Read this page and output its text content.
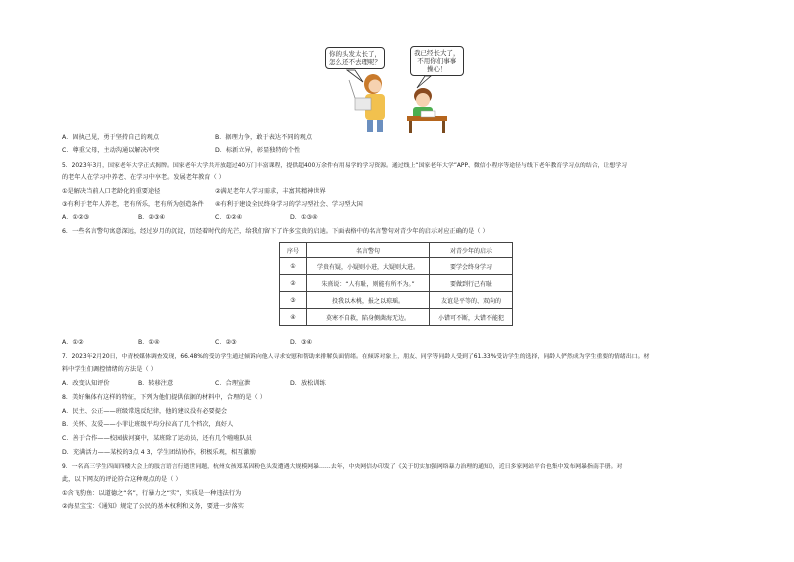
你的头发太长了，
怎么还不去理呢？
我已经长大了，
不用你们事事
操心！
A．固执己见，勇于坚持自己的观点	B．据理力争，敢于表达不同的观点
C．尊重父母，主动沟通以解决冲突	D．标新立异，彰显独特的个性
5．2023年3月，国家老年大学正式揭牌。国家老年大学共开放超过40万门丰富课程，提供超400万余件有用易学的学习资源。通过线上“国家老年大学”APP、微信小程序等途径与线下老年教育学习点的结合，让想学习
的老年人在学习中养老、在学习中享老。发展老年教育（ ）
①是解决当前人口老龄化的重要途径	②满足老年人学习需求，丰富其精神世界
③有利于老年人养老，老有所乐，老有所为创造条件 ④有利于建设全民终身学习的学习型社会、学习型大国
A．①②③	B．②③④	C．①②④	D．①③④
6．一些名言警句寓意深远，经过岁月的沉淀，历经着时代的光芒，给我们留下了许多宝贵的启迪。下面表格中的名言警句对青少年的启示对应正确的是（ ）
序号	名言警句	对青少年的启示
①	学贵有疑，小疑则小进，大疑则大进。	要学会终身学习
②	朱熹说：“人有耻，则能有所不为。”	要做到行己有耻
③	投我以木桃，报之以琼瑶。	友谊是平等的、双向的
④	莫寒不自救，陷身侧菌海无边。	小错可不断，大错不能犯
A．①②	B．①④	C．②③	D．③④
7．2023年2月20日，中青校媒体调查发现，66.48%的受访学生通过倾诉向他人寻求安慰和帮助来排解负面情绪。在倾诉对象上，朋友、同学等同龄人受到了61.33%受访学生的选择，同龄人俨然成为学生重要的情绪出口。材
料中学生们调控情绪的方法是（ ）
A．改变认知评价	B．转移注意	C．合理宣泄	D．放松训练
8．美好集体有这样的特征，下列为他们提供依据的材料中，合理的是（ ）
A．民主、公正——班级常选反纪律，他的建议没有必要提会
B．关怀、友爱——小菲让班级平均分拉高了几个档次，真好人
C．善于合作——校园拔河赛中，某班除了运动员，还有几个啦啦队员
D．充满活力——某校的3点 4 3，学生团结协作，积极乐观，相互激励
9．一名高三学生四面四楼大会上的肢言语言行逝世同题，杭州女孩郑某因粉色头发遭遇大规模网暴……去年，中央网信办印发了《关于切实加强网络暴力治理的通知》，近日多家网站平台也集中发布网暴指南手册。对
此，以下网友的评论符合这种观点的是（ ）
①含飞豹鱼：以道德之“名”，行暴力之“实”，实质是一种违法行为
②海星宝宝：《通知》规定了公民的基本权利和义务，要进一步落实
